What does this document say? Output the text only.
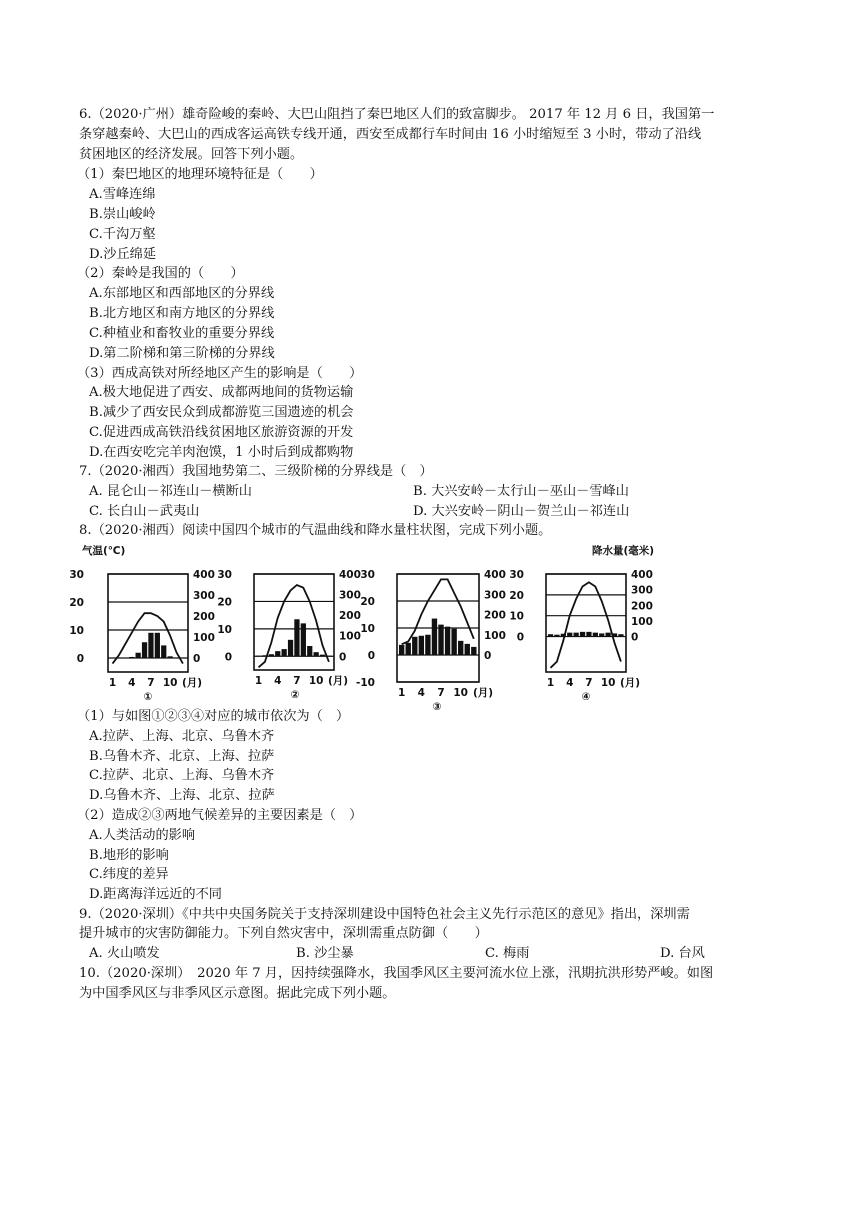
6.（2020·广州）雄奇险峻的秦岭、大巴山阻挡了秦巴地区人们的致富脚步。 2017 年 12 月 6 日，我国第一
条穿越秦岭、大巴山的西成客运高铁专线开通，西安至成都行车时间由 16 小时缩短至 3 小时，带动了沿线
贫困地区的经济发展。回答下列小题。
（1）秦巴地区的地理环境特征是（　　）
A.雪峰连绵
B.崇山峻岭
C.千沟万壑
D.沙丘绵延
（2）秦岭是我国的（　　）
A.东部地区和西部地区的分界线
B.北方地区和南方地区的分界线
C.种植业和畜牧业的重要分界线
D.第二阶梯和第三阶梯的分界线
（3）西成高铁对所经地区产生的影响是（　　）
A.极大地促进了西安、成都两地间的货物运输
B.减少了西安民众到成都游览三国遗迹的机会
C.促进西成高铁沿线贫困地区旅游资源的开发
D.在西安吃完羊肉泡馍，1 小时后到成都购物
7.（2020·湘西）我国地势第二、三级阶梯的分界线是（　）
A. 昆仑山－祁连山－横断山	B. 大兴安岭－太行山－巫山－雪峰山
C. 长白山－武夷山	D. 大兴安岭－阴山－贺兰山－祁连山
8.（2020·湘西）阅读中国四个城市的气温曲线和降水量柱状图，完成下列小题。
0
10
20
30
0
100
200
300
400
1 4 7 10 (月)
①
气温(℃)
0
10
20
30
0
100
200
300
400
1 4 7 10 (月)
②
-10
0
10
20
30
0
100
200
300
400
1 4 7 10 (月)
③
0
10
20
30
0
100
200
300
400
1 4 7 10 (月)
④
降水量(毫米)
（1）与如图①②③④对应的城市依次为（　）
A.拉萨、上海、北京、乌鲁木齐
B.乌鲁木齐、北京、上海、拉萨
C.拉萨、北京、上海、乌鲁木齐
D.乌鲁木齐、上海、北京、拉萨
（2）造成②③两地气候差异的主要因素是（　）
A.人类活动的影响
B.地形的影响
C.纬度的差异
D.距离海洋远近的不同
9.（2020·深圳）《中共中央国务院关于支持深圳建设中国特色社会主义先行示范区的意见》指出，深圳需
提升城市的灾害防御能力。下列自然灾害中，深圳需重点防御（　　）
A. 火山喷发	B. 沙尘暴	C. 梅雨	D. 台风
10.（2020·深圳）　2020 年 7 月，因持续强降水，我国季风区主要河流水位上涨，汛期抗洪形势严峻。如图
为中国季风区与非季风区示意图。据此完成下列小题。
